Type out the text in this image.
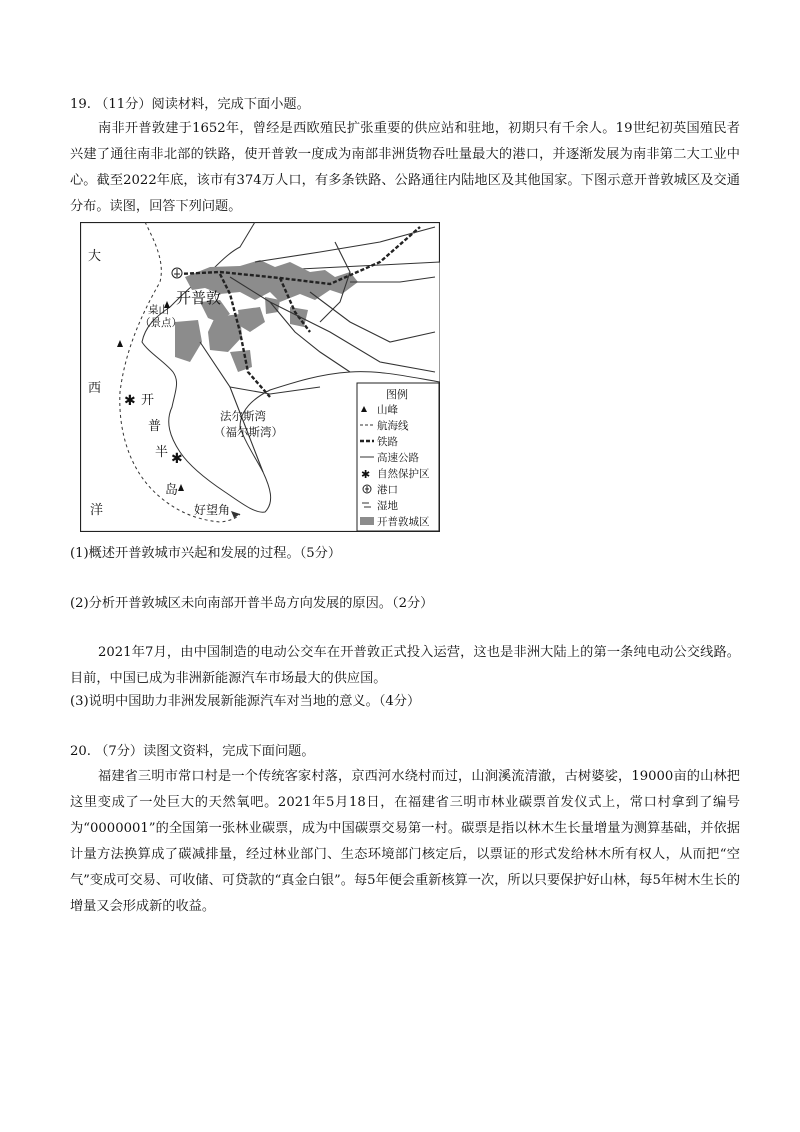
19. （11分）阅读材料，完成下面小题。

南非开普敦建于1652年，曾经是西欧殖民扩张重要的供应站和驻地，初期只有千余人。19世纪初英国殖民者兴建了通往南非北部的铁路，使开普敦一度成为南部非洲货物吞吐量最大的港口，并逐渐发展为南非第二大工业中心。截至2022年底，该市有374万人口，有多条铁路、公路通往内陆地区及其他国家。下图示意开普敦城区及交通分布。读图，回答下列问题。

✱
✱
大
西
洋
开普敦
桌山
（景点）
开
普
半
岛
法尔斯湾
（福尔斯湾）
好望角
图例
山峰
航海线
铁路
高速公路
✱ 自然保护区
港口
湿地
开普敦城区

(1)概述开普敦城市兴起和发展的过程。（5分）

(2)分析开普敦城区未向南部开普半岛方向发展的原因。（2分）

2021年7月，由中国制造的电动公交车在开普敦正式投入运营，这也是非洲大陆上的第一条纯电动公交线路。目前，中国已成为非洲新能源汽车市场最大的供应国。

(3)说明中国助力非洲发展新能源汽车对当地的意义。（4分）

20. （7分）读图文资料，完成下面问题。

福建省三明市常口村是一个传统客家村落，京西河水绕村而过，山涧溪流清澈，古树婆娑，19000亩的山林把这里变成了一处巨大的天然氧吧。2021年5月18日，在福建省三明市林业碳票首发仪式上，常口村拿到了编号为“0000001”的全国第一张林业碳票，成为中国碳票交易第一村。碳票是指以林木生长量增量为测算基础，并依据计量方法换算成了碳减排量，经过林业部门、生态环境部门核定后，以票证的形式发给林木所有权人，从而把“空气”变成可交易、可收储、可贷款的“真金白银”。每5年便会重新核算一次，所以只要保护好山林，每5年树木生长的增量又会形成新的收益。
